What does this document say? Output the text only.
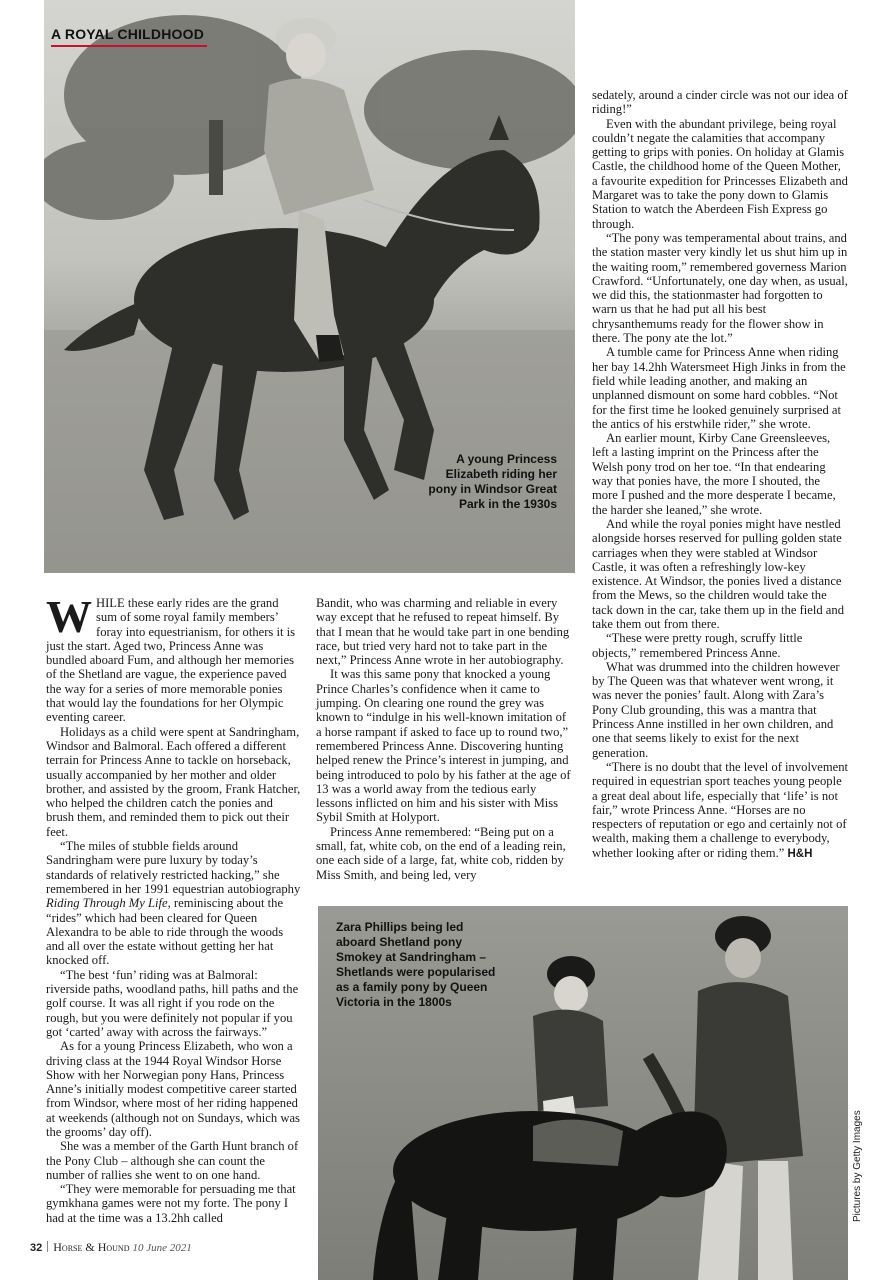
A ROYAL CHILDHOOD
A young Princess Elizabeth riding her pony in Windsor Great Park in the 1930s

WHILE these early rides are the grand sum of some royal family members’ foray into equestrianism, for others it is just the start. Aged two, Princess Anne was bundled aboard Fum, and although her memories of the Shetland are vague, the experience paved the way for a series of more memorable ponies that would lay the foundations for her Olympic eventing career.

Holidays as a child were spent at Sandringham, Windsor and Balmoral. Each offered a different terrain for Princess Anne to tackle on horseback, usually accompanied by her mother and older brother, and assisted by the groom, Frank Hatcher, who helped the children catch the ponies and brush them, and reminded them to pick out their feet.

“The miles of stubble fields around Sandringham were pure luxury by today’s standards of relatively restricted hacking,” she remembered in her 1991 equestrian autobiography Riding Through My Life, reminiscing about the “rides” which had been cleared for Queen Alexandra to be able to ride through the woods and all over the estate without getting her hat knocked off.

“The best ‘fun’ riding was at Balmoral: riverside paths, woodland paths, hill paths and the golf course. It was all right if you rode on the rough, but you were definitely not popular if you got ‘carted’ away with across the fairways.”

As for a young Princess Elizabeth, who won a driving class at the 1944 Royal Windsor Horse Show with her Norwegian pony Hans, Princess Anne’s initially modest competitive career started from Windsor, where most of her riding happened at weekends (although not on Sundays, which was the grooms’ day off).

She was a member of the Garth Hunt branch of the Pony Club – although she can count the number of rallies she went to on one hand.

“They were memorable for persuading me that gymkhana games were not my forte. The pony I had at the time was a 13.2hh called

Bandit, who was charming and reliable in every way except that he refused to repeat himself. By that I mean that he would take part in one bending race, but tried very hard not to take part in the next,” Princess Anne wrote in her autobiography.

It was this same pony that knocked a young Prince Charles’s confidence when it came to jumping. On clearing one round the grey was known to “indulge in his well-known imitation of a horse rampant if asked to face up to round two,” remembered Princess Anne. Discovering hunting helped renew the Prince’s interest in jumping, and being introduced to polo by his father at the age of 13 was a world away from the tedious early lessons inflicted on him and his sister with Miss Sybil Smith at Holyport.

Princess Anne remembered: “Being put on a small, fat, white cob, on the end of a leading rein, one each side of a large, fat, white cob, ridden by Miss Smith, and being led, very

sedately, around a cinder circle was not our idea of riding!”

Even with the abundant privilege, being royal couldn’t negate the calamities that accompany getting to grips with ponies. On holiday at Glamis Castle, the childhood home of the Queen Mother, a favourite expedition for Princesses Elizabeth and Margaret was to take the pony down to Glamis Station to watch the Aberdeen Fish Express go through.

“The pony was temperamental about trains, and the station master very kindly let us shut him up in the waiting room,” remembered governess Marion Crawford. “Unfortunately, one day when, as usual, we did this, the stationmaster had forgotten to warn us that he had put all his best chrysanthemums ready for the flower show in there. The pony ate the lot.”

A tumble came for Princess Anne when riding her bay 14.2hh Watersmeet High Jinks in from the field while leading another, and making an unplanned dismount on some hard cobbles. “Not for the first time he looked genuinely surprised at the antics of his erstwhile rider,” she wrote.

An earlier mount, Kirby Cane Greensleeves, left a lasting imprint on the Princess after the Welsh pony trod on her toe. “In that endearing way that ponies have, the more I shouted, the more I pushed and the more desperate I became, the harder she leaned,” she wrote.

And while the royal ponies might have nestled alongside horses reserved for pulling golden state carriages when they were stabled at Windsor Castle, it was often a refreshingly low-key existence. At Windsor, the ponies lived a distance from the Mews, so the children would take the tack down in the car, take them up in the field and take them out from there.

“These were pretty rough, scruffy little objects,” remembered Princess Anne.

What was drummed into the children however by The Queen was that whatever went wrong, it was never the ponies’ fault. Along with Zara’s Pony Club grounding, this was a mantra that Princess Anne instilled in her own children, and one that seems likely to exist for the next generation.

“There is no doubt that the level of involvement required in equestrian sport teaches young people a great deal about life, especially that ‘life’ is not fair,” wrote Princess Anne. “Horses are no respecters of reputation or ego and certainly not of wealth, making them a challenge to everybody, whether looking after or riding them.” H&H

Zara Phillips being led aboard Shetland pony Smokey at Sandringham – Shetlands were popularised as a family pony by Queen Victoria in the 1800s
Pictures by Getty Images
32 Horse & Hound 10 June 2021
